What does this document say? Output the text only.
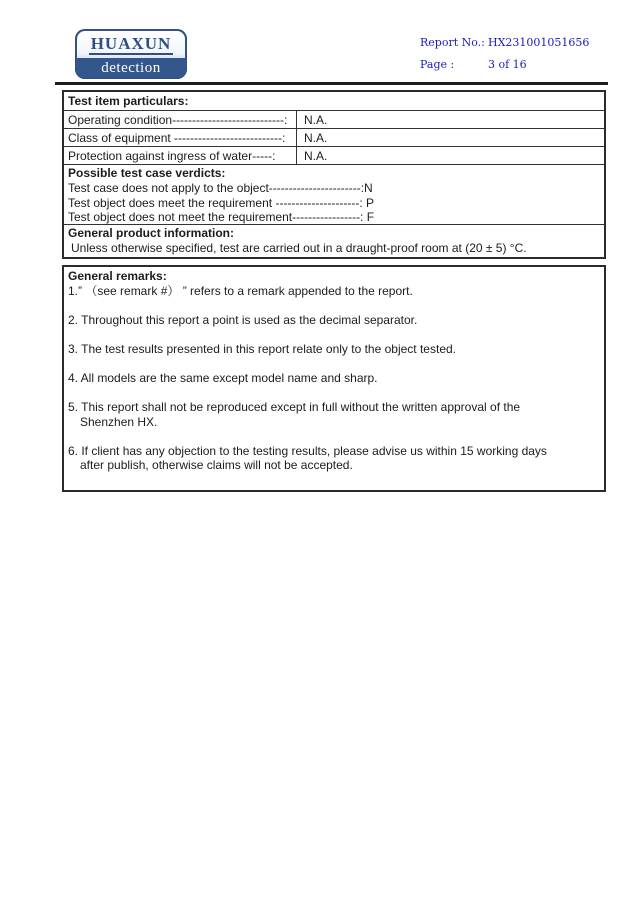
HUAXUN
detection
Report No.: HX231001051656
Page :	3 of 16
Test item particulars:
Operating condition----------------------------:	N.A.
Class of equipment ---------------------------:	N.A.
Protection against ingress of water-----:	N.A.
Possible test case verdicts:
Test case does not apply to the object-----------------------:N
Test object does meet the requirement ---------------------: P
Test object does not meet the requirement-----------------: F
General product information:
Unless otherwise specified, test are carried out in a draught-proof room at (20 ± 5) °C.
General remarks:
1.” （see remark #） ” refers to a remark appended to the report.
2. Throughout this report a point is used as the decimal separator.
3. The test results presented in this report relate only to the object tested.
4. All models are the same except model name and sharp.
5. This report shall not be reproduced except in full without the written approval of the
Shenzhen HX.
6. If client has any objection to the testing results, please advise us within 15 working days
after publish, otherwise claims will not be accepted.
